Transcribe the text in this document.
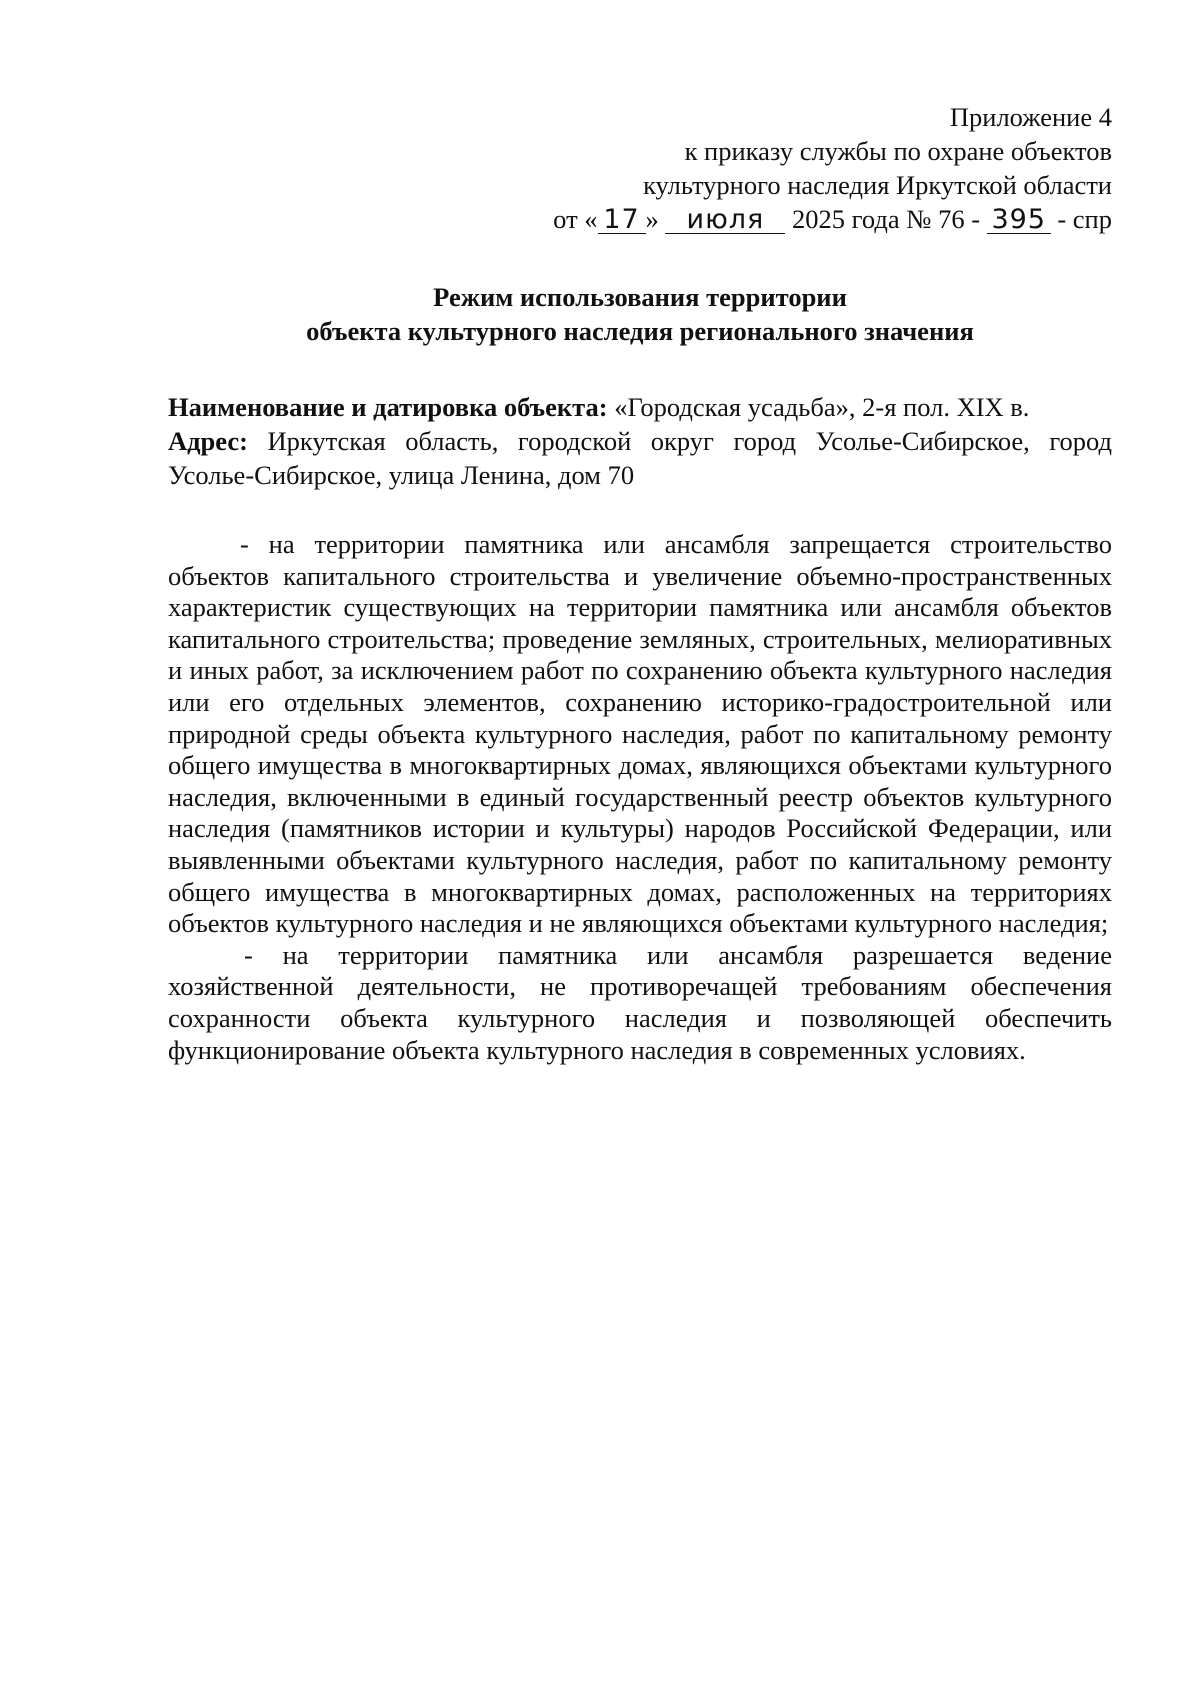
Приложение 4
к приказу службы по охране объектов
культурного наследия Иркутской области
от « 17 » июля 2025 года № 76 - 395 - спр
Режим использования территории
объекта культурного наследия регионального значения

Наименование и датировка объекта: «Городская усадьба», 2-я пол. XIX в.

Адрес: Иркутская область, городской округ город Усолье-Сибирское, город Усолье-Сибирское, улица Ленина, дом 70

- на территории памятника или ансамбля запрещается строительство объектов капитального строительства и увеличение объемно-пространственных характеристик существующих на территории памятника или ансамбля объектов капитального строительства; проведение земляных, строительных, мелиоративных и иных работ, за исключением работ по сохранению объекта культурного наследия или его отдельных элементов, сохранению историко-градостроительной или природной среды объекта культурного наследия, работ по капитальному ремонту общего имущества в многоквартирных домах, являющихся объектами культурного наследия, включенными в единый государственный реестр объектов культурного наследия (памятников истории и культуры) народов Российской Федерации, или выявленными объектами культурного наследия, работ по капитальному ремонту общего имущества в многоквартирных домах, расположенных на территориях объектов культурного наследия и не являющихся объектами культурного наследия;

- на территории памятника или ансамбля разрешается ведение хозяйственной деятельности, не противоречащей требованиям обеспечения сохранности объекта культурного наследия и позволяющей обеспечить функционирование объекта культурного наследия в современных условиях.
